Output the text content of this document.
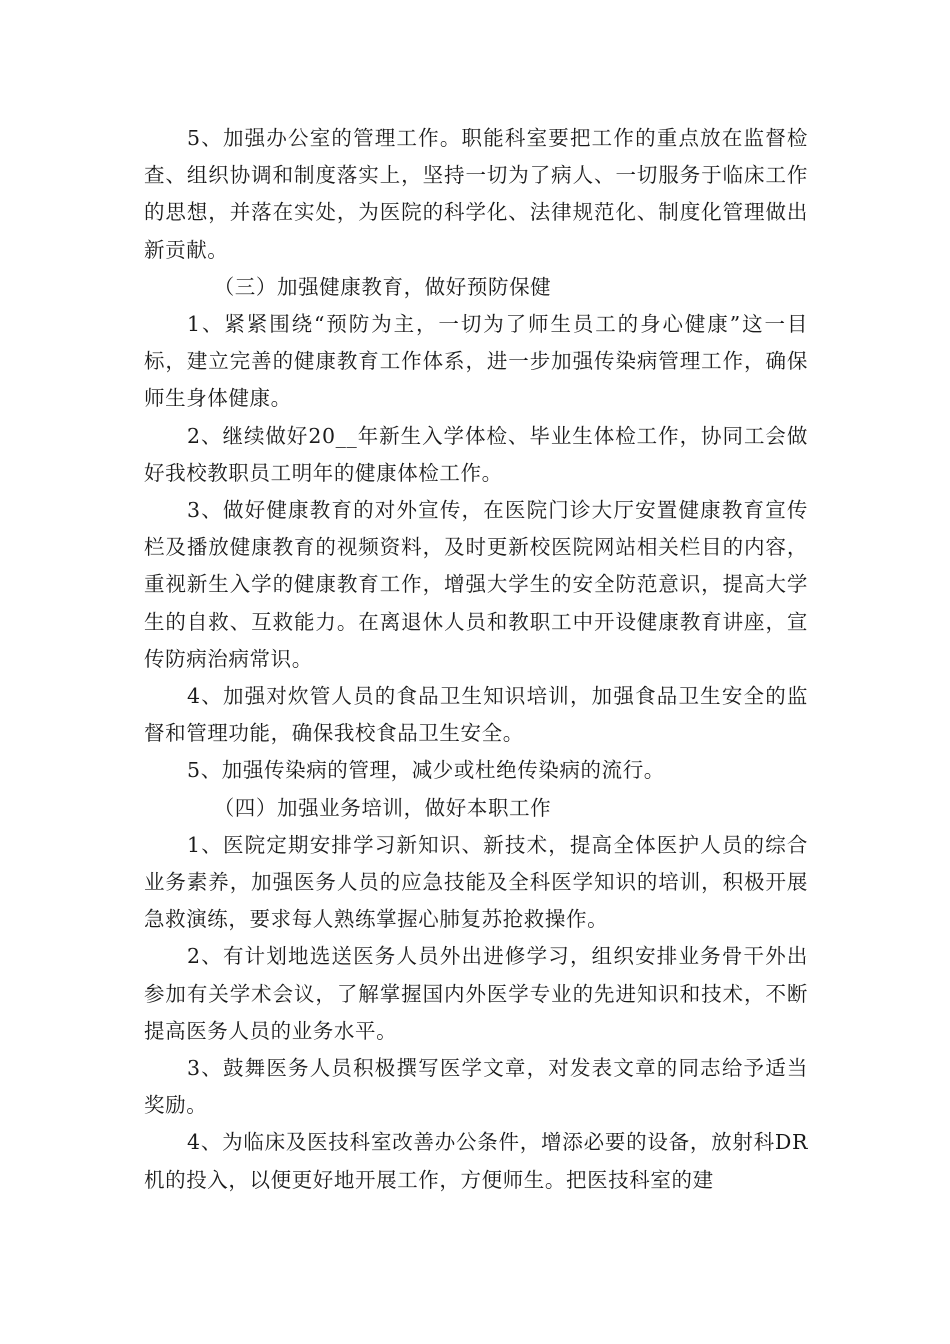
5、加强办公室的管理工作。职能科室要把工作的重点放在监督检查、组织协调和制度落实上，坚持一切为了病人、一切服务于临床工作的思想，并落在实处，为医院的科学化、法律规范化、制度化管理做出新贡献。

（三）加强健康教育，做好预防保健

1、紧紧围绕“预防为主，一切为了师生员工的身心健康”这一目标，建立完善的健康教育工作体系，进一步加强传染病管理工作，确保师生身体健康。

2、继续做好20__年新生入学体检、毕业生体检工作，协同工会做好我校教职员工明年的健康体检工作。

3、做好健康教育的对外宣传，在医院门诊大厅安置健康教育宣传栏及播放健康教育的视频资料，及时更新校医院网站相关栏目的内容，重视新生入学的健康教育工作，增强大学生的安全防范意识，提高大学生的自救、互救能力。在离退休人员和教职工中开设健康教育讲座，宣传防病治病常识。

4、加强对炊管人员的食品卫生知识培训，加强食品卫生安全的监督和管理功能，确保我校食品卫生安全。

5、加强传染病的管理，减少或杜绝传染病的流行。

（四）加强业务培训，做好本职工作

1、医院定期安排学习新知识、新技术，提高全体医护人员的综合业务素养，加强医务人员的应急技能及全科医学知识的培训，积极开展急救演练，要求每人熟练掌握心肺复苏抢救操作。

2、有计划地选送医务人员外出进修学习，组织安排业务骨干外出参加有关学术会议，了解掌握国内外医学专业的先进知识和技术，不断提高医务人员的业务水平。

3、鼓舞医务人员积极撰写医学文章，对发表文章的同志给予适当奖励。

4、为临床及医技科室改善办公条件，增添必要的设备，放射科DR机的投入，以便更好地开展工作，方便师生。把医技科室的建
